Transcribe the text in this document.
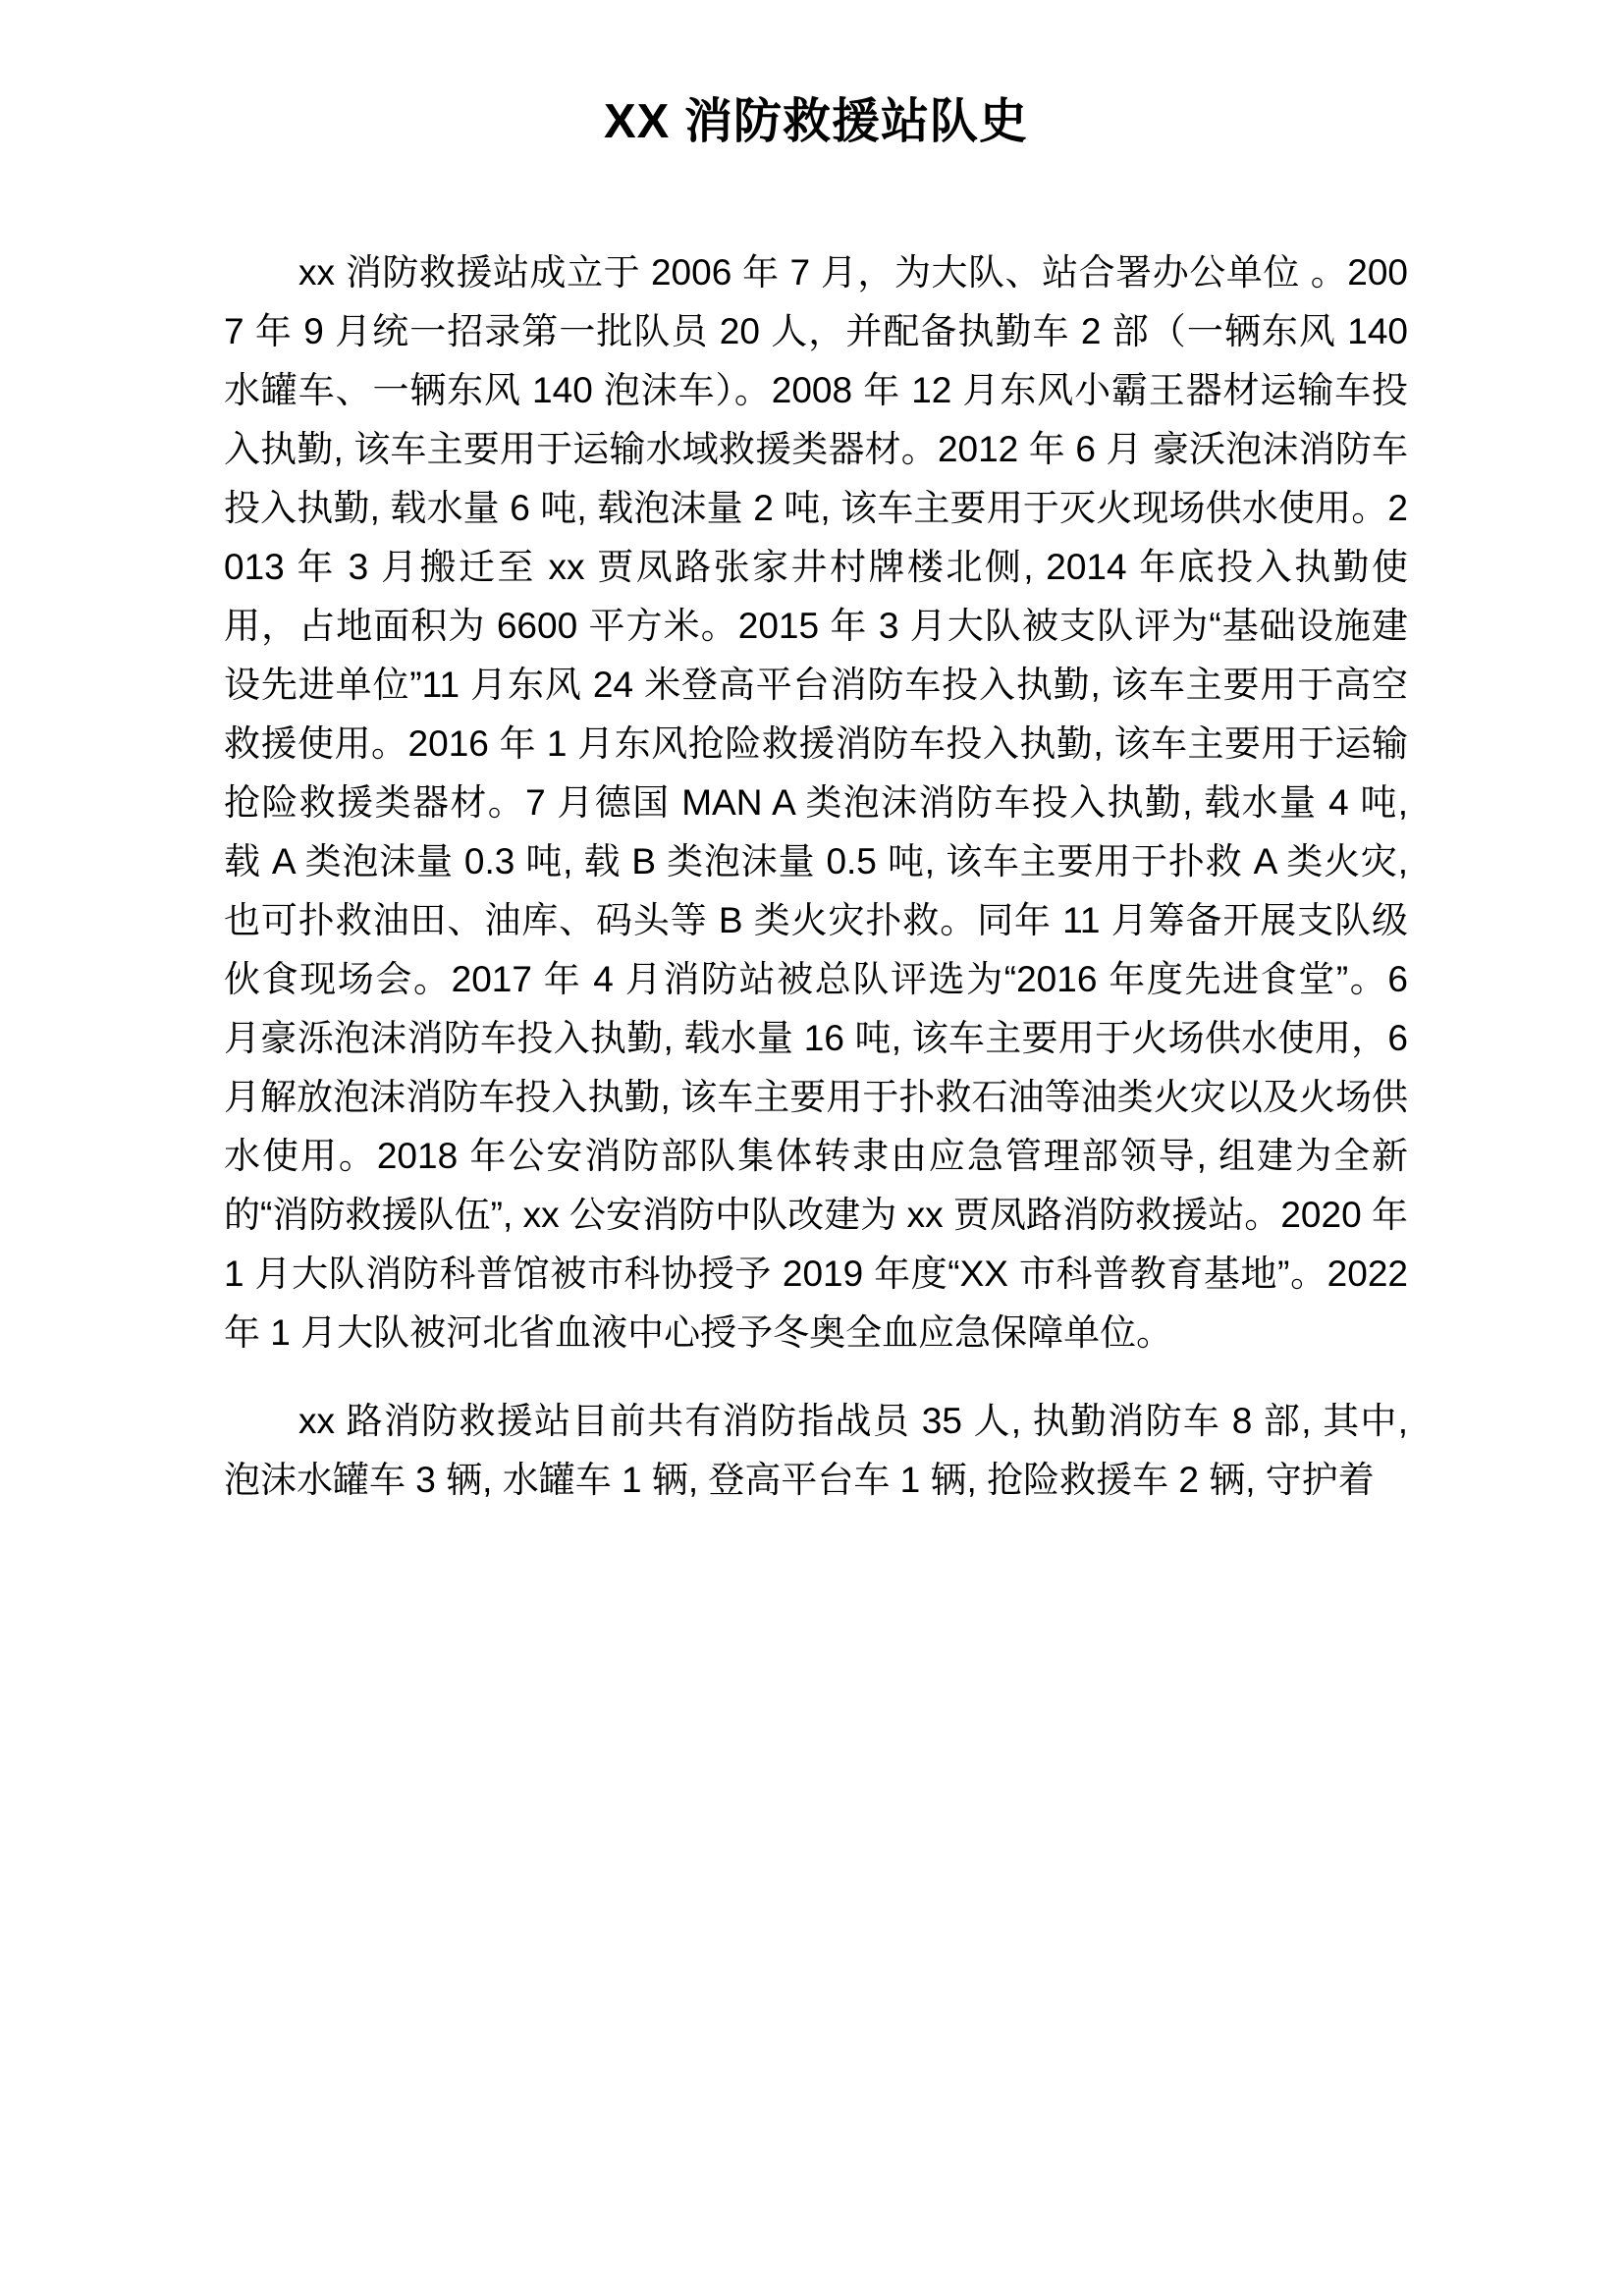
XX 消防救援站队史

xx 消防救援站成立于 2006 年 7 月，为大队、站合署办公单位 。2007 年 9 月统一招录第一批队员 20 人，并配备执勤车 2 部（一辆东风 140 水罐车、一辆东风 140 泡沫车）。2008 年 12 月东风小霸王器材运输车投入执勤, 该车主要用于运输水域救援类器材。2012 年 6 月 豪沃泡沫消防车投入执勤, 载水量 6 吨, 载泡沫量 2 吨, 该车主要用于灭火现场供水使用。2013 年 3 月搬迁至 xx 贾凤路张家井村牌楼北侧, 2014 年底投入执勤使用，占地面积为 6600 平方米。2015 年 3 月大队被支队评为“基础设施建设先进单位”11 月东风 24 米登高平台消防车投入执勤, 该车主要用于高空救援使用。2016 年 1 月东风抢险救援消防车投入执勤, 该车主要用于运输抢险救援类器材。7 月德国 MAN A 类泡沫消防车投入执勤, 载水量 4 吨, 载 A 类泡沫量 0.3 吨, 载 B 类泡沫量 0.5 吨, 该车主要用于扑救 A 类火灾, 也可扑救油田、油库、码头等 B 类火灾扑救。同年 11 月筹备开展支队级伙食现场会。2017 年 4 月消防站被总队评选为“2016 年度先进食堂”。6 月豪泺泡沫消防车投入执勤, 载水量 16 吨, 该车主要用于火场供水使用，6 月解放泡沫消防车投入执勤, 该车主要用于扑救石油等油类火灾以及火场供水使用。2018 年公安消防部队集体转隶由应急管理部领导, 组建为全新的“消防救援队伍”, xx 公安消防中队改建为 xx 贾凤路消防救援站。2020 年 1 月大队消防科普馆被市科协授予 2019 年度“XX 市科普教育基地”。2022 年 1 月大队被河北省血液中心授予冬奥全血应急保障单位。

xx 路消防救援站目前共有消防指战员 35 人, 执勤消防车 8 部, 其中, 泡沫水罐车 3 辆, 水罐车 1 辆, 登高平台车 1 辆, 抢险救援车 2 辆, 守护着
